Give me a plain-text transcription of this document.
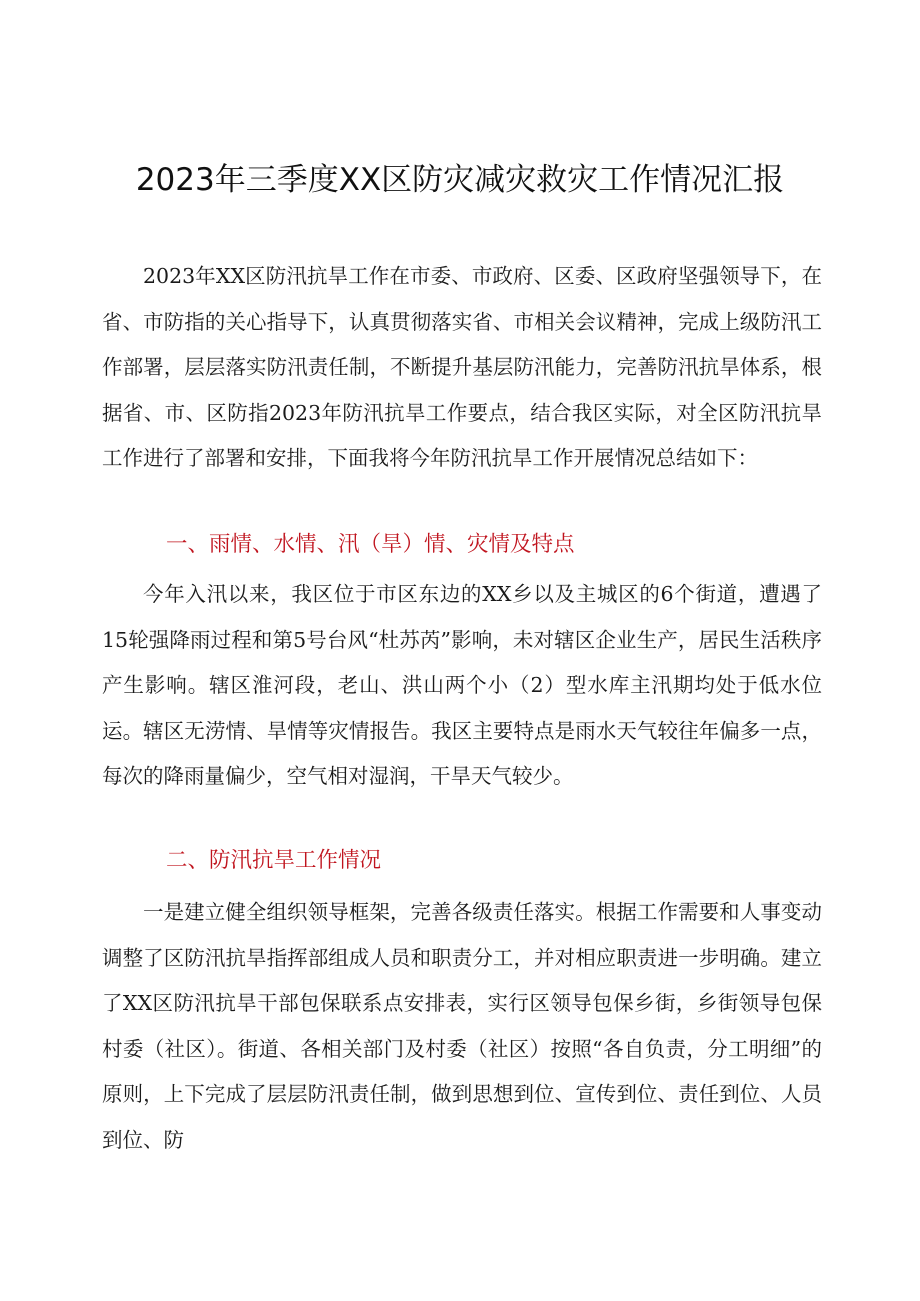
2023年三季度XX区防灾减灾救灾工作情况汇报

2023年XX区防汛抗旱工作在市委、市政府、区委、区政府坚强领导下，在省、市防指的关心指导下，认真贯彻落实省、市相关会议精神，完成上级防汛工作部署，层层落实防汛责任制，不断提升基层防汛能力，完善防汛抗旱体系，根据省、市、区防指2023年防汛抗旱工作要点，结合我区实际，对全区防汛抗旱工作进行了部署和安排，下面我将今年防汛抗旱工作开展情况总结如下：

一、雨情、水情、汛（旱）情、灾情及特点

今年入汛以来，我区位于市区东边的XX乡以及主城区的6个街道，遭遇了15轮强降雨过程和第5号台风“杜苏芮”影响，未对辖区企业生产，居民生活秩序产生影响。辖区淮河段，老山、洪山两个小（2）型水库主汛期均处于低水位运。辖区无涝情、旱情等灾情报告。我区主要特点是雨水天气较往年偏多一点，每次的降雨量偏少，空气相对湿润，干旱天气较少。

二、防汛抗旱工作情况

一是建立健全组织领导框架，完善各级责任落实。根据工作需要和人事变动调整了区防汛抗旱指挥部组成人员和职责分工，并对相应职责进一步明确。建立了XX区防汛抗旱干部包保联系点安排表，实行区领导包保乡街，乡街领导包保村委（社区）。街道、各相关部门及村委（社区）按照“各自负责，分工明细”的原则，上下完成了层层防汛责任制，做到思想到位、宣传到位、责任到位、人员到位、防
